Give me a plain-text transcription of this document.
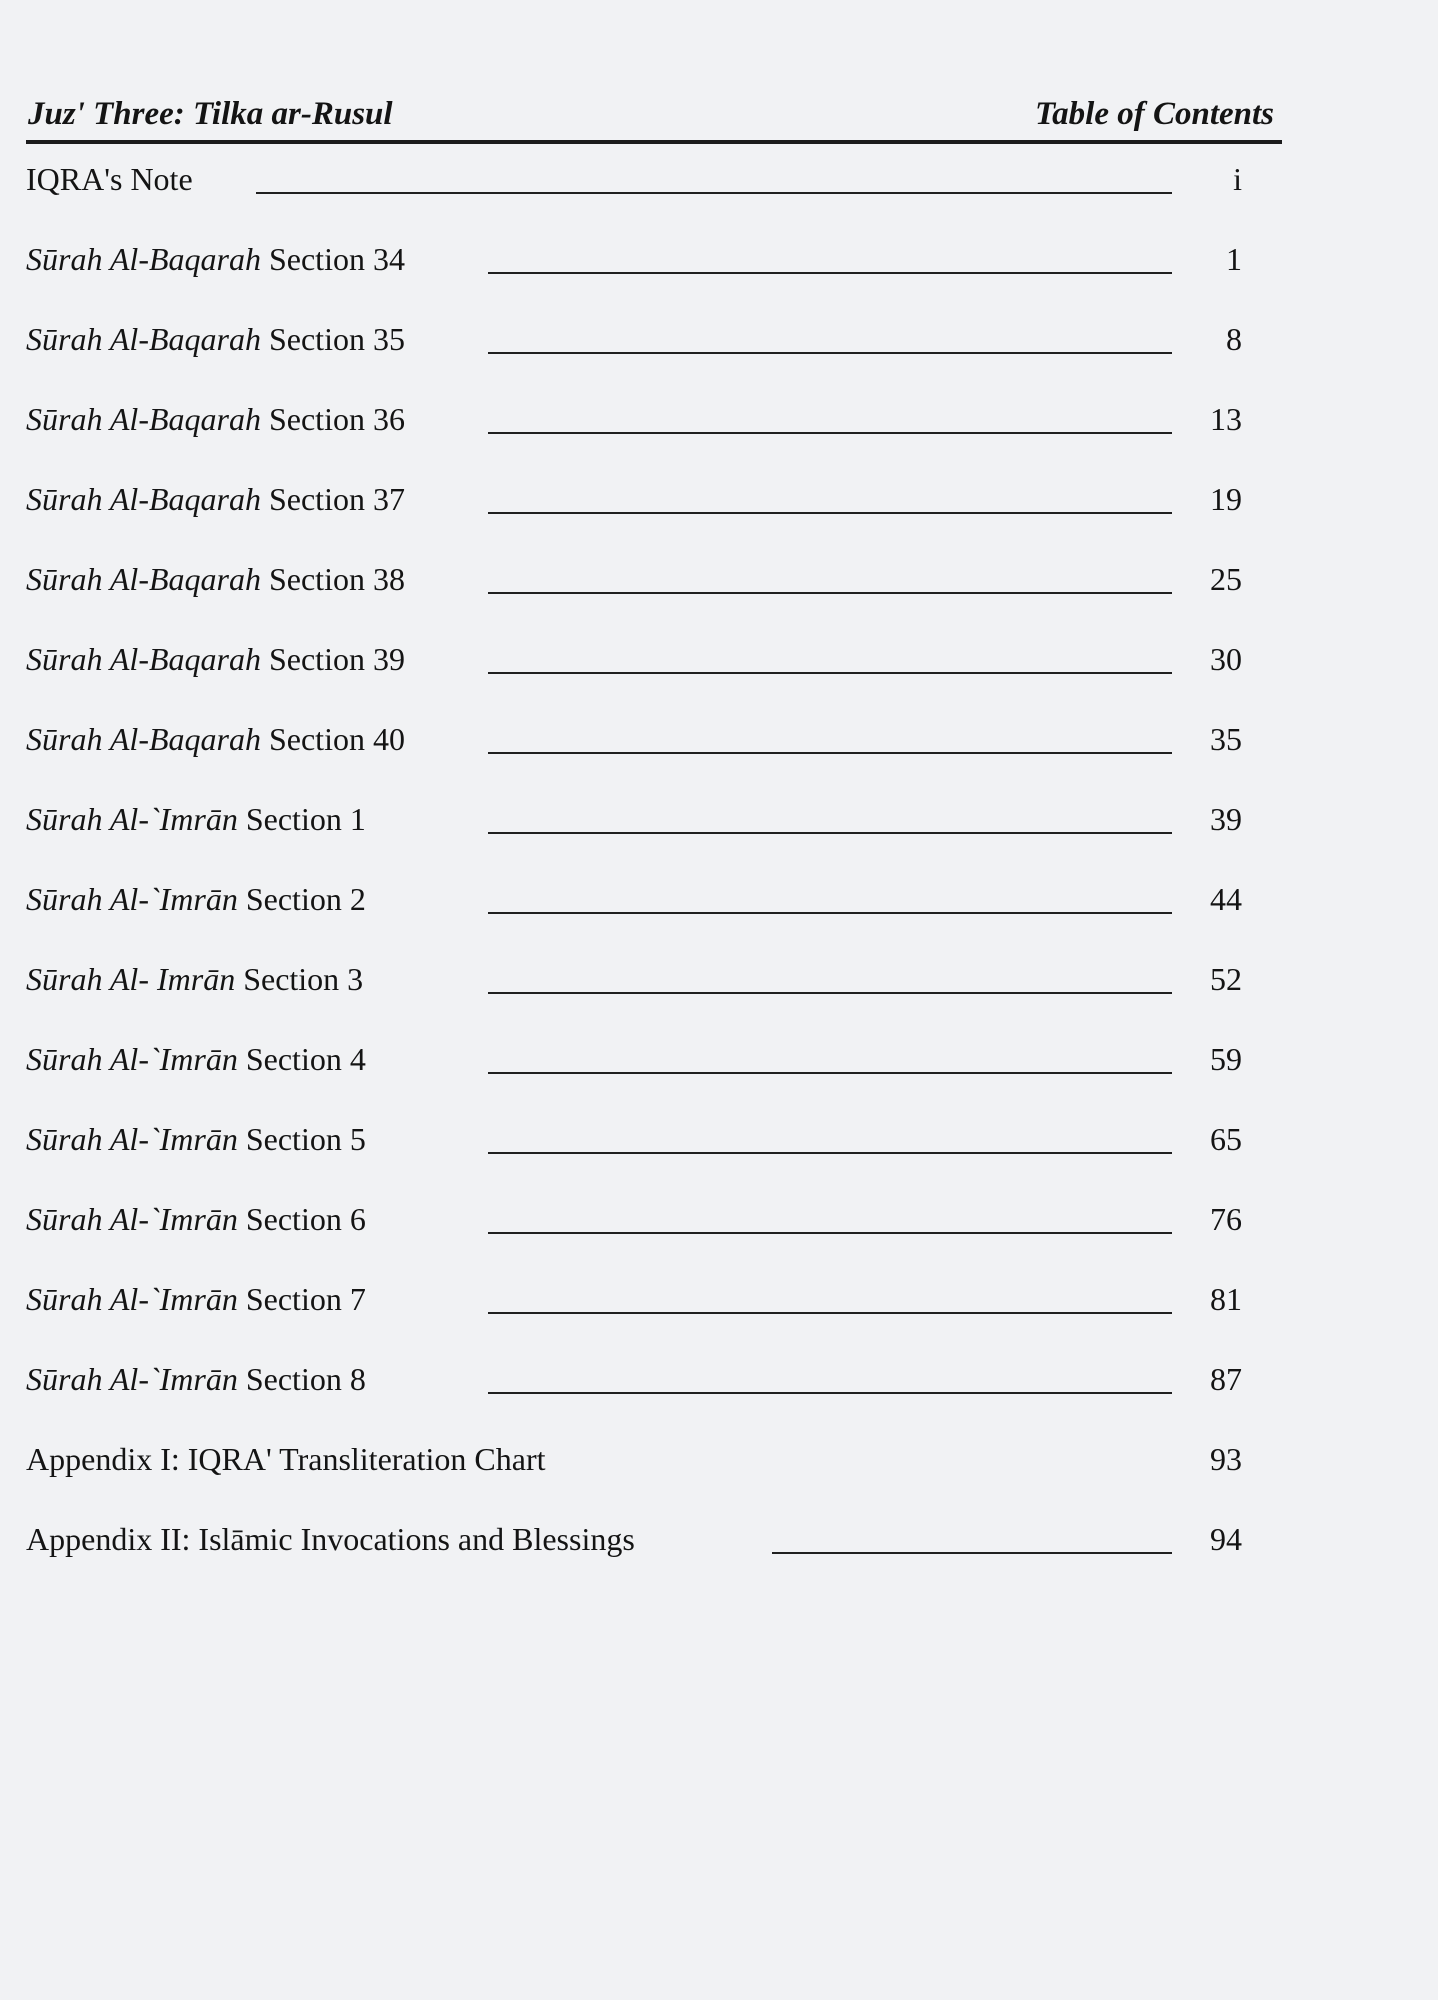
Juz' Three: Tilka ar-Rusul	Table of Contents
IQRA's Note	i
Sūrah Al-Baqarah Section 34	1
Sūrah Al-Baqarah Section 35	8
Sūrah Al-Baqarah Section 36	13
Sūrah Al-Baqarah Section 37	19
Sūrah Al-Baqarah Section 38	25
Sūrah Al-Baqarah Section 39	30
Sūrah Al-Baqarah Section 40	35
Sūrah Al-`Imrān Section 1	39
Sūrah Al-`Imrān Section 2	44
Sūrah Al- Imrān Section 3	52
Sūrah Al-`Imrān Section 4	59
Sūrah Al-`Imrān Section 5	65
Sūrah Al-`Imrān Section 6	76
Sūrah Al-`Imrān Section 7	81
Sūrah Al-`Imrān Section 8	87
Appendix I: IQRA' Transliteration Chart	93
Appendix II: Islāmic Invocations and Blessings	94
